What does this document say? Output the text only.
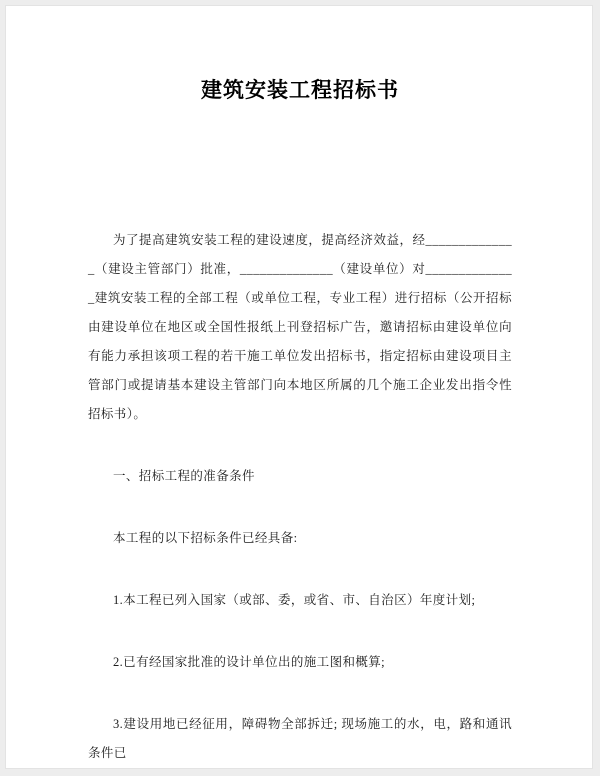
建筑安装工程招标书

为了提高建筑安装工程的建设速度，提高经济效益，经______________（建设主管部门）批准，______________（建设单位）对______________建筑安装工程的全部工程（或单位工程，专业工程）进行招标（公开招标由建设单位在地区或全国性报纸上刊登招标广告，邀请招标由建设单位向有能力承担该项工程的若干施工单位发出招标书，指定招标由建设项目主管部门或提请基本建设主管部门向本地区所属的几个施工企业发出指令性招标书）。

一、招标工程的准备条件

本工程的以下招标条件已经具备:

1.本工程已列入国家（或部、委，或省、市、自治区）年度计划;

2.已有经国家批准的设计单位出的施工图和概算;

3.建设用地已经征用，障碍物全部拆迁; 现场施工的水，电，路和通讯条件已
